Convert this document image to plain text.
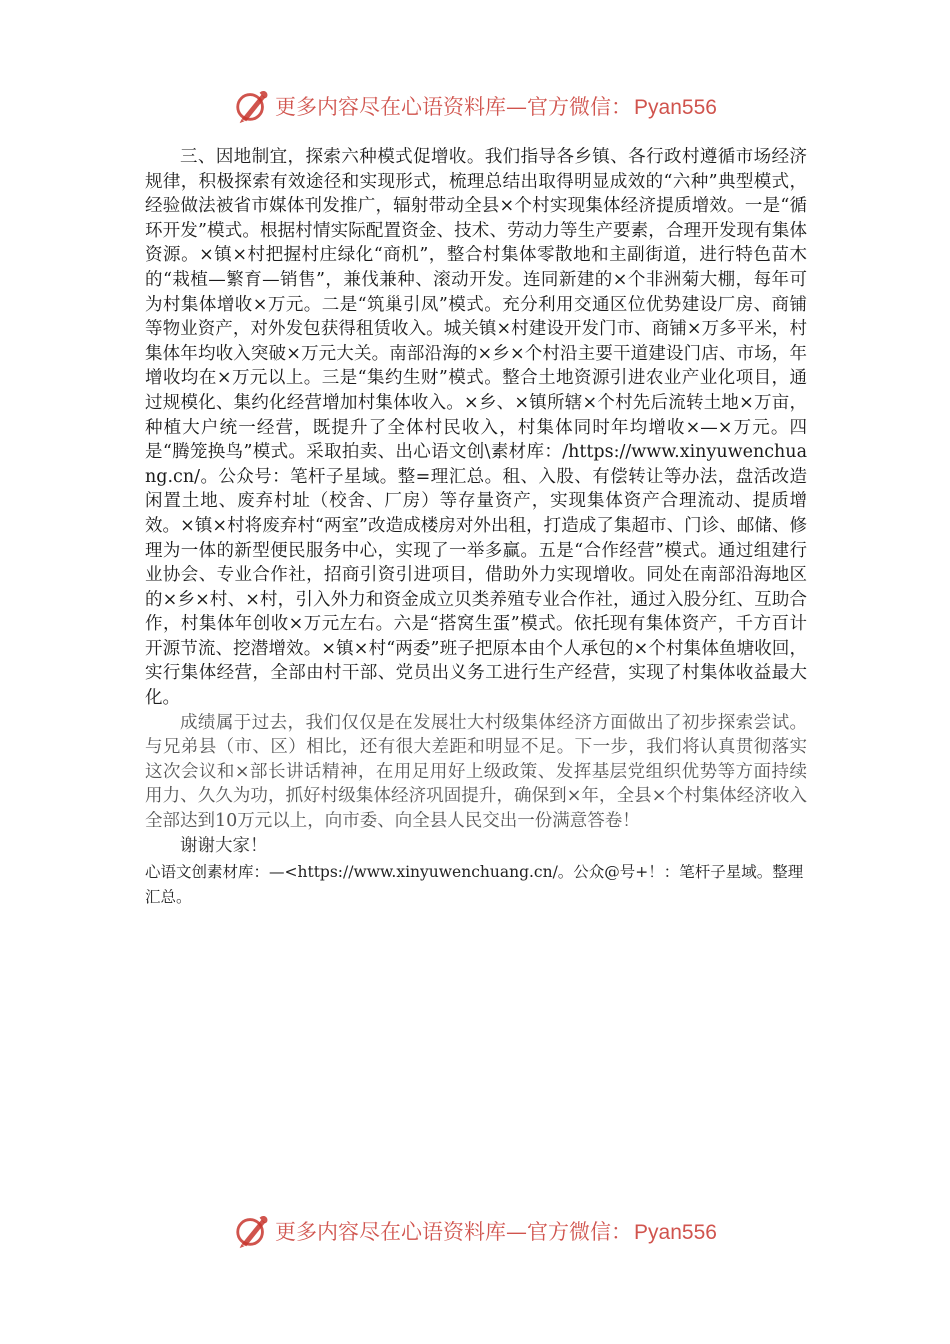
更多内容尽在心语资料库—官方微信：Pyan556

三、因地制宜，探索六种模式促增收。我们指导各乡镇、各行政村遵循市场经济规律，积极探索有效途径和实现形式，梳理总结出取得明显成效的“六种”典型模式，经验做法被省市媒体刊发推广，辐射带动全县×个村实现集体经济提质增效。一是“循环开发”模式。根据村情实际配置资金、技术、劳动力等生产要素，合理开发现有集体资源。×镇×村把握村庄绿化“商机”，整合村集体零散地和主副街道，进行特色苗木的“栽植—繁育—销售”，兼伐兼种、滚动开发。连同新建的×个非洲菊大棚，每年可为村集体增收×万元。二是“筑巢引凤”模式。充分利用交通区位优势建设厂房、商铺等物业资产，对外发包获得租赁收入。城关镇×村建设开发门市、商铺×万多平米，村集体年均收入突破×万元大关。南部沿海的×乡×个村沿主要干道建设门店、市场，年增收均在×万元以上。三是“集约生财”模式。整合土地资源引进农业产业化项目，通过规模化、集约化经营增加村集体收入。×乡、×镇所辖×个村先后流转土地×万亩，种植大户统一经营，既提升了全体村民收入，村集体同时年均增收×—×万元。四是“腾笼换鸟”模式。采取拍卖、出心语文创\素材库：/https://www.xinyuwenchuang.cn/。公众号：笔杆子星域。整=理汇总。租、入股、有偿转让等办法，盘活改造闲置土地、废弃村址（校舍、厂房）等存量资产，实现集体资产合理流动、提质增效。×镇×村将废弃村“两室”改造成楼房对外出租，打造成了集超市、门诊、邮储、修理为一体的新型便民服务中心，实现了一举多赢。五是“合作经营”模式。通过组建行业协会、专业合作社，招商引资引进项目，借助外力实现增收。同处在南部沿海地区的×乡×村、×村，引入外力和资金成立贝类养殖专业合作社，通过入股分红、互助合作，村集体年创收×万元左右。六是“搭窝生蛋”模式。依托现有集体资产，千方百计开源节流、挖潜增效。×镇×村“两委”班子把原本由个人承包的×个村集体鱼塘收回，实行集体经营，全部由村干部、党员出义务工进行生产经营，实现了村集体收益最大化。

成绩属于过去，我们仅仅是在发展壮大村级集体经济方面做出了初步探索尝试。与兄弟县（市、区）相比，还有很大差距和明显不足。下一步，我们将认真贯彻落实这次会议和×部长讲话精神，在用足用好上级政策、发挥基层党组织优势等方面持续用力、久久为功，抓好村级集体经济巩固提升，确保到×年，全县×个村集体经济收入全部达到10万元以上，向市委、向全县人民交出一份满意答卷！

谢谢大家！

心语文创素材库：—<https://www.xinyuwenchuang.cn/。公众@号+！：笔杆子星域。整理汇总。

更多内容尽在心语资料库—官方微信：Pyan556
